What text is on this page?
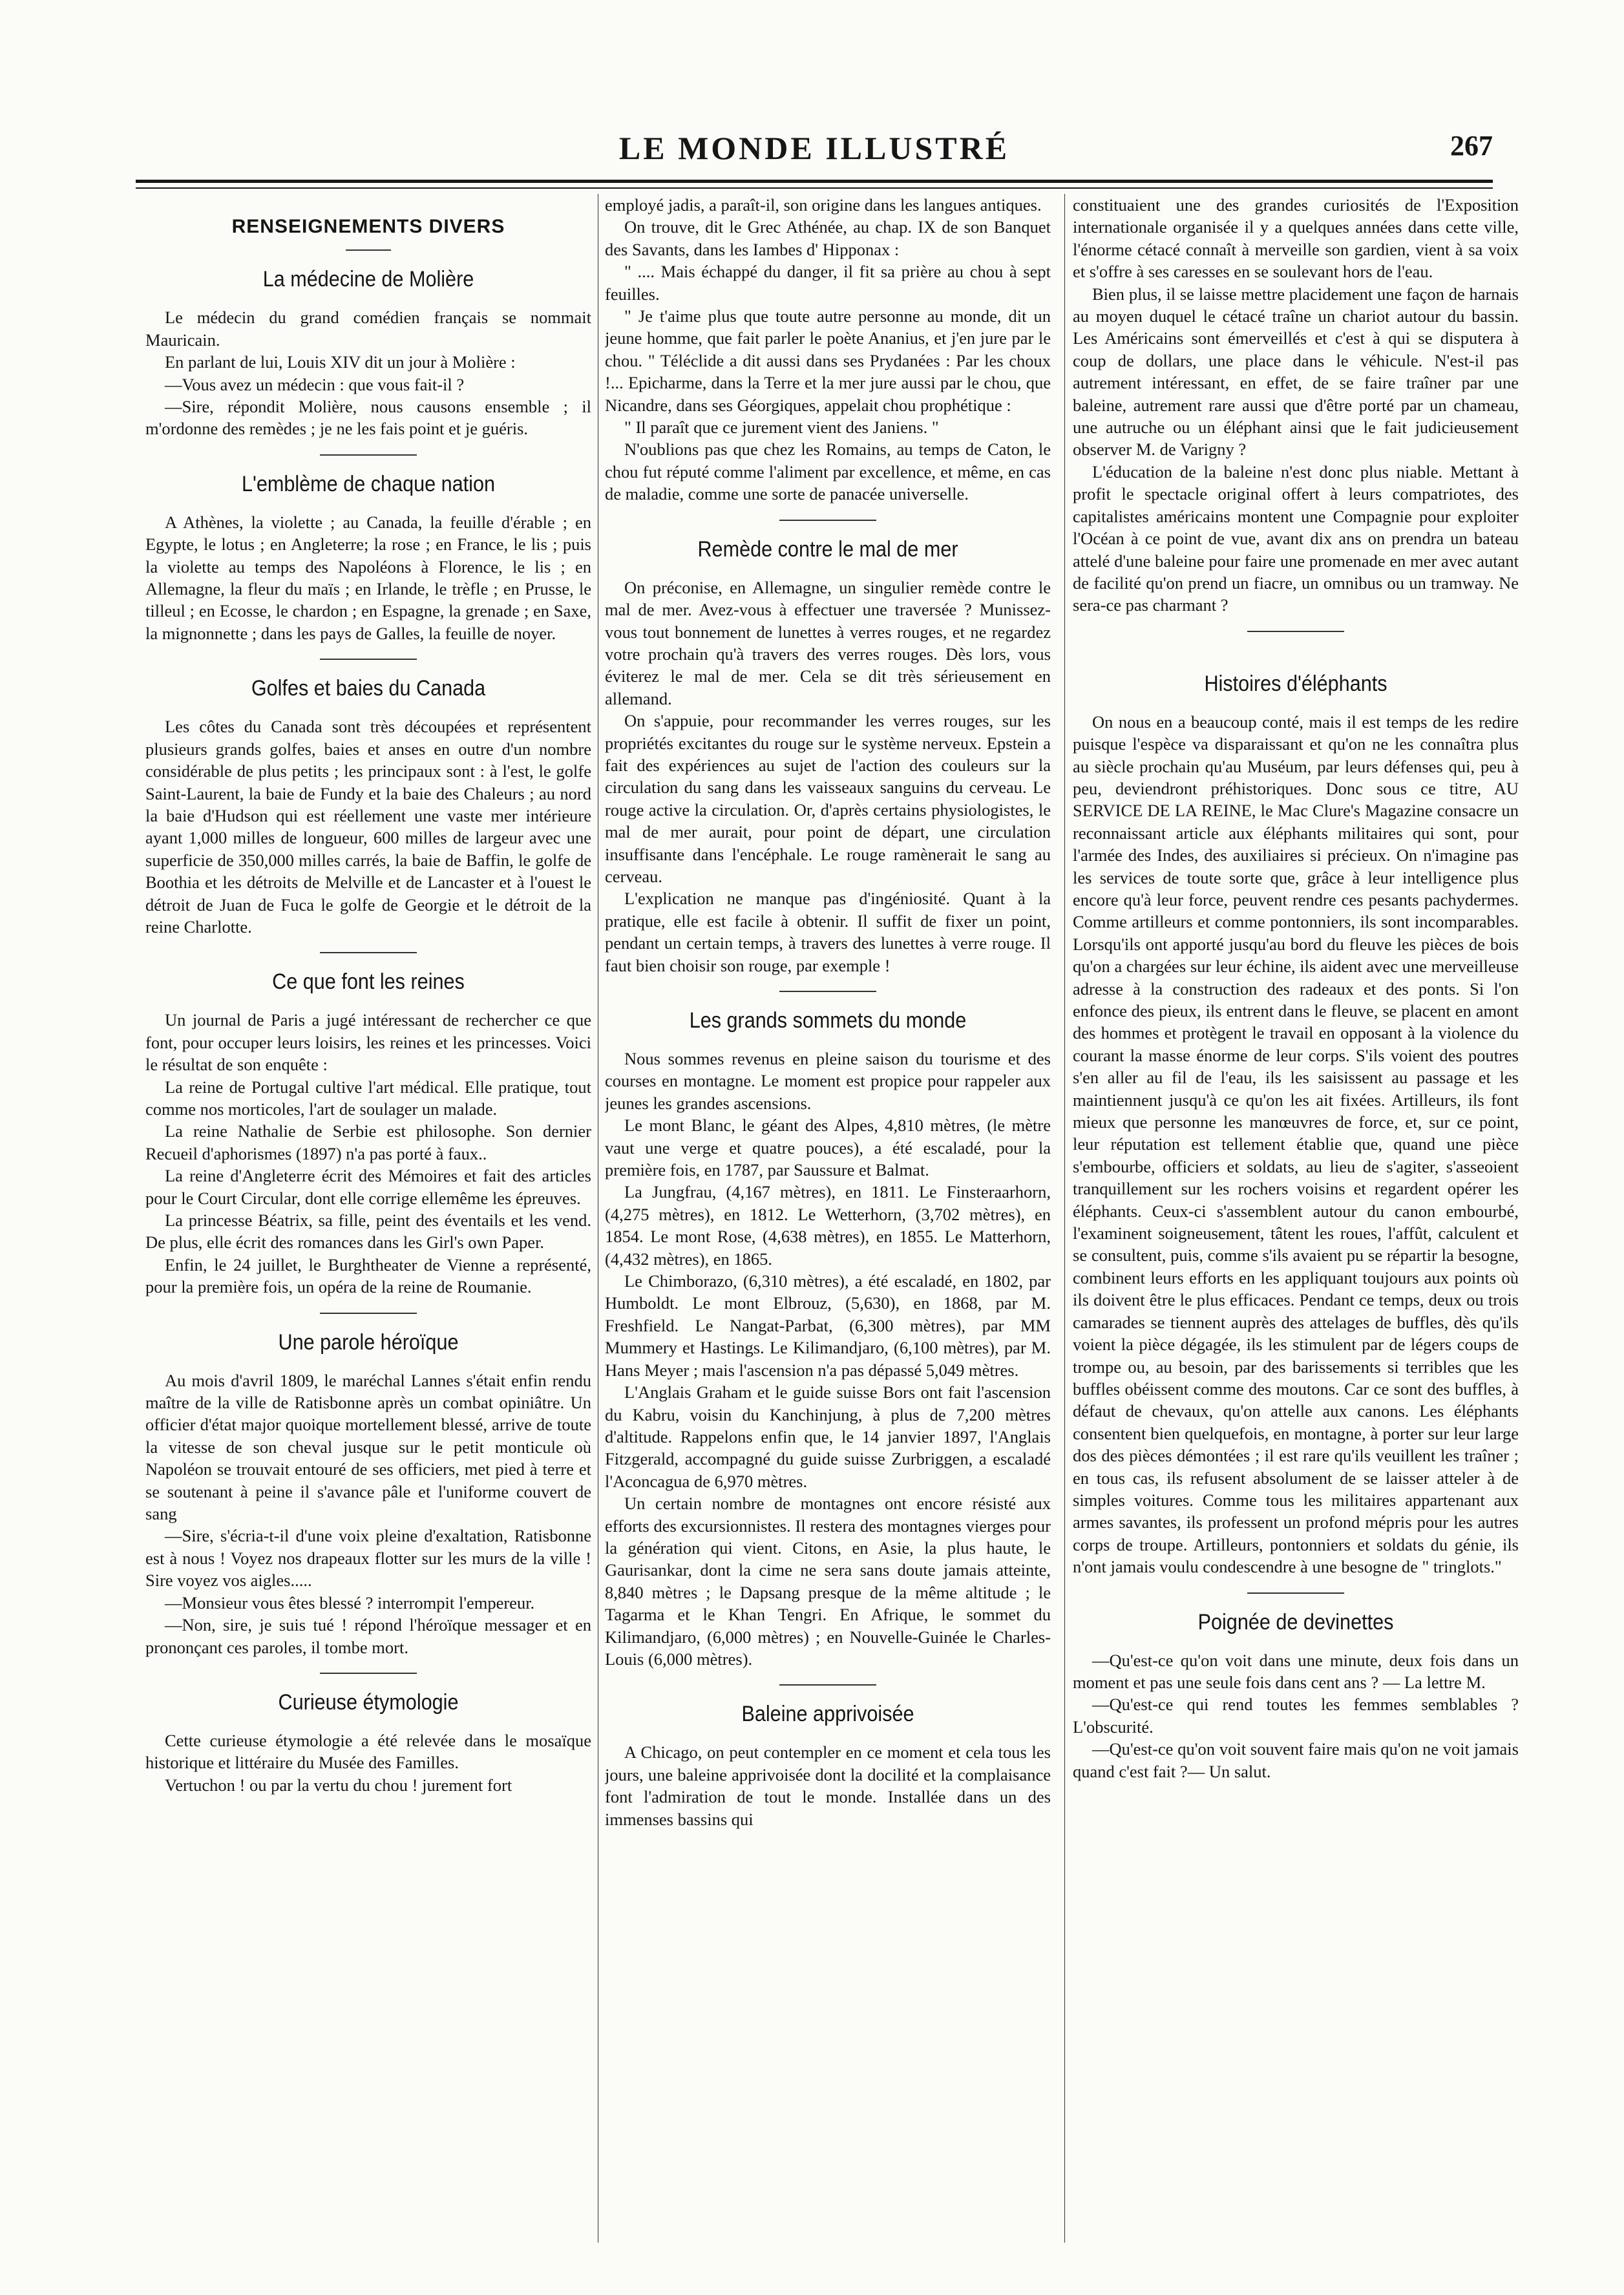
LE MONDE ILLUSTRÉ	267
RENSEIGNEMENTS DIVERS
La médecine de Molière

Le médecin du grand comédien français se nommait Mauricain.

En parlant de lui, Louis XIV dit un jour à Molière :

—Vous avez un médecin : que vous fait-il ?

—Sire, répondit Molière, nous causons ensemble ; il m'ordonne des remèdes ; je ne les fais point et je guéris.

L'emblème de chaque nation

A Athènes, la violette ; au Canada, la feuille d'érable ; en Egypte, le lotus ; en Angleterre; la rose ; en France, le lis ; puis la violette au temps des Napoléons à Florence, le lis ; en Allemagne, la fleur du maïs ; en Irlande, le trèfle ; en Prusse, le tilleul ; en Ecosse, le chardon ; en Espagne, la grenade ; en Saxe, la mignonnette ; dans les pays de Galles, la feuille de noyer.

Golfes et baies du Canada

Les côtes du Canada sont très découpées et représentent plusieurs grands golfes, baies et anses en outre d'un nombre considérable de plus petits ; les principaux sont : à l'est, le golfe Saint-Laurent, la baie de Fundy et la baie des Chaleurs ; au nord la baie d'Hudson qui est réellement une vaste mer intérieure ayant 1,000 milles de longueur, 600 milles de largeur avec une superficie de 350,000 milles carrés, la baie de Baffin, le golfe de Boothia et les détroits de Melville et de Lancaster et à l'ouest le détroit de Juan de Fuca le golfe de Georgie et le détroit de la reine Charlotte.

Ce que font les reines

Un journal de Paris a jugé intéressant de rechercher ce que font, pour occuper leurs loisirs, les reines et les princesses. Voici le résultat de son enquête :

La reine de Portugal cultive l'art médical. Elle pratique, tout comme nos morticoles, l'art de soulager un malade.

La reine Nathalie de Serbie est philosophe. Son dernier Recueil d'aphorismes (1897) n'a pas porté à faux..

La reine d'Angleterre écrit des Mémoires et fait des articles pour le Court Circular, dont elle corrige ellemême les épreuves.

La princesse Béatrix, sa fille, peint des éventails et les vend. De plus, elle écrit des romances dans les Girl's own Paper.

Enfin, le 24 juillet, le Burghtheater de Vienne a représenté, pour la première fois, un opéra de la reine de Roumanie.

Une parole héroïque

Au mois d'avril 1809, le maréchal Lannes s'était enfin rendu maître de la ville de Ratisbonne après un combat opiniâtre. Un officier d'état major quoique mortellement blessé, arrive de toute la vitesse de son cheval jusque sur le petit monticule où Napoléon se trouvait entouré de ses officiers, met pied à terre et se soutenant à peine il s'avance pâle et l'uniforme couvert de sang

—Sire, s'écria-t-il d'une voix pleine d'exaltation, Ratisbonne est à nous ! Voyez nos drapeaux flotter sur les murs de la ville ! Sire voyez vos aigles.....

—Monsieur vous êtes blessé ? interrompit l'empereur.

—Non, sire, je suis tué ! répond l'héroïque messager et en prononçant ces paroles, il tombe mort.

Curieuse étymologie

Cette curieuse étymologie a été relevée dans le mosaïque historique et littéraire du Musée des Familles.

Vertuchon ! ou par la vertu du chou ! jurement fort

employé jadis, a paraît-il, son origine dans les langues antiques.

On trouve, dit le Grec Athénée, au chap. IX de son Banquet des Savants, dans les Iambes d' Hipponax :

" .... Mais échappé du danger, il fit sa prière au chou à sept feuilles.

" Je t'aime plus que toute autre personne au monde, dit un jeune homme, que fait parler le poète Ananius, et j'en jure par le chou. " Téléclide a dit aussi dans ses Prydanées : Par les choux !... Epicharme, dans la Terre et la mer jure aussi par le chou, que Nicandre, dans ses Géorgiques, appelait chou prophétique :

" Il paraît que ce jurement vient des Janiens. "

N'oublions pas que chez les Romains, au temps de Caton, le chou fut réputé comme l'aliment par excellence, et même, en cas de maladie, comme une sorte de panacée universelle.

Remède contre le mal de mer

On préconise, en Allemagne, un singulier remède contre le mal de mer. Avez-vous à effectuer une traversée ? Munissez-vous tout bonnement de lunettes à verres rouges, et ne regardez votre prochain qu'à travers des verres rouges. Dès lors, vous éviterez le mal de mer. Cela se dit très sérieusement en allemand.

On s'appuie, pour recommander les verres rouges, sur les propriétés excitantes du rouge sur le système nerveux. Epstein a fait des expériences au sujet de l'action des couleurs sur la circulation du sang dans les vaisseaux sanguins du cerveau. Le rouge active la circulation. Or, d'après certains physiologistes, le mal de mer aurait, pour point de départ, une circulation insuffisante dans l'encéphale. Le rouge ramènerait le sang au cerveau.

L'explication ne manque pas d'ingéniosité. Quant à la pratique, elle est facile à obtenir. Il suffit de fixer un point, pendant un certain temps, à travers des lunettes à verre rouge. Il faut bien choisir son rouge, par exemple !

Les grands sommets du monde

Nous sommes revenus en pleine saison du tourisme et des courses en montagne. Le moment est propice pour rappeler aux jeunes les grandes ascensions.

Le mont Blanc, le géant des Alpes, 4,810 mètres, (le mètre vaut une verge et quatre pouces), a été escaladé, pour la première fois, en 1787, par Saussure et Balmat.

La Jungfrau, (4,167 mètres), en 1811. Le Finsteraarhorn, (4,275 mètres), en 1812. Le Wetterhorn, (3,702 mètres), en 1854. Le mont Rose, (4,638 mètres), en 1855. Le Matterhorn, (4,432 mètres), en 1865.

Le Chimborazo, (6,310 mètres), a été escaladé, en 1802, par Humboldt. Le mont Elbrouz, (5,630), en 1868, par M. Freshfield. Le Nangat-Parbat, (6,300 mètres), par MM Mummery et Hastings. Le Kilimandjaro, (6,100 mètres), par M. Hans Meyer ; mais l'ascension n'a pas dépassé 5,049 mètres.

L'Anglais Graham et le guide suisse Bors ont fait l'ascension du Kabru, voisin du Kanchinjung, à plus de 7,200 mètres d'altitude. Rappelons enfin que, le 14 janvier 1897, l'Anglais Fitzgerald, accompagné du guide suisse Zurbriggen, a escaladé l'Aconcagua de 6,970 mètres.

Un certain nombre de montagnes ont encore résisté aux efforts des excursionnistes. Il restera des montagnes vierges pour la génération qui vient. Citons, en Asie, la plus haute, le Gaurisankar, dont la cime ne sera sans doute jamais atteinte, 8,840 mètres ; le Dapsang presque de la même altitude ; le Tagarma et le Khan Tengri. En Afrique, le sommet du Kilimandjaro, (6,000 mètres) ; en Nouvelle-Guinée le Charles-Louis (6,000 mètres).

Baleine apprivoisée

A Chicago, on peut contempler en ce moment et cela tous les jours, une baleine apprivoisée dont la docilité et la complaisance font l'admiration de tout le monde. Installée dans un des immenses bassins qui

constituaient une des grandes curiosités de l'Exposition internationale organisée il y a quelques années dans cette ville, l'énorme cétacé connaît à merveille son gardien, vient à sa voix et s'offre à ses caresses en se soulevant hors de l'eau.

Bien plus, il se laisse mettre placidement une façon de harnais au moyen duquel le cétacé traîne un chariot autour du bassin. Les Américains sont émerveillés et c'est à qui se disputera à coup de dollars, une place dans le véhicule. N'est-il pas autrement intéressant, en effet, de se faire traîner par une baleine, autrement rare aussi que d'être porté par un chameau, une autruche ou un éléphant ainsi que le fait judicieusement observer M. de Varigny ?

L'éducation de la baleine n'est donc plus niable. Mettant à profit le spectacle original offert à leurs compatriotes, des capitalistes américains montent une Compagnie pour exploiter l'Océan à ce point de vue, avant dix ans on prendra un bateau attelé d'une baleine pour faire une promenade en mer avec autant de facilité qu'on prend un fiacre, un omnibus ou un tramway. Ne sera-ce pas charmant ?

Histoires d'éléphants

On nous en a beaucoup conté, mais il est temps de les redire puisque l'espèce va disparaissant et qu'on ne les connaîtra plus au siècle prochain qu'au Muséum, par leurs défenses qui, peu à peu, deviendront préhistoriques. Donc sous ce titre, AU SERVICE DE LA REINE, le Mac Clure's Magazine consacre un reconnaissant article aux éléphants militaires qui sont, pour l'armée des Indes, des auxiliaires si précieux. On n'imagine pas les services de toute sorte que, grâce à leur intelligence plus encore qu'à leur force, peuvent rendre ces pesants pachydermes. Comme artilleurs et comme pontonniers, ils sont incomparables. Lorsqu'ils ont apporté jusqu'au bord du fleuve les pièces de bois qu'on a chargées sur leur échine, ils aident avec une merveilleuse adresse à la construction des radeaux et des ponts. Si l'on enfonce des pieux, ils entrent dans le fleuve, se placent en amont des hommes et protègent le travail en opposant à la violence du courant la masse énorme de leur corps. S'ils voient des poutres s'en aller au fil de l'eau, ils les saisissent au passage et les maintiennent jusqu'à ce qu'on les ait fixées. Artilleurs, ils font mieux que personne les manœuvres de force, et, sur ce point, leur réputation est tellement établie que, quand une pièce s'embourbe, officiers et soldats, au lieu de s'agiter, s'asseoient tranquillement sur les rochers voisins et regardent opérer les éléphants. Ceux-ci s'assemblent autour du canon embourbé, l'examinent soigneusement, tâtent les roues, l'affût, calculent et se consultent, puis, comme s'ils avaient pu se répartir la besogne, combinent leurs efforts en les appliquant toujours aux points où ils doivent être le plus efficaces. Pendant ce temps, deux ou trois camarades se tiennent auprès des attelages de buffles, dès qu'ils voient la pièce dégagée, ils les stimulent par de légers coups de trompe ou, au besoin, par des barissements si terribles que les buffles obéissent comme des moutons. Car ce sont des buffles, à défaut de chevaux, qu'on attelle aux canons. Les éléphants consentent bien quelquefois, en montagne, à porter sur leur large dos des pièces démontées ; il est rare qu'ils veuillent les traîner ; en tous cas, ils refusent absolument de se laisser atteler à de simples voitures. Comme tous les militaires appartenant aux armes savantes, ils professent un profond mépris pour les autres corps de troupe. Artilleurs, pontonniers et soldats du génie, ils n'ont jamais voulu condescendre à une besogne de " tringlots."

Poignée de devinettes

—Qu'est-ce qu'on voit dans une minute, deux fois dans un moment et pas une seule fois dans cent ans ? — La lettre M.

—Qu'est-ce qui rend toutes les femmes semblables ? L'obscurité.

—Qu'est-ce qu'on voit souvent faire mais qu'on ne voit jamais quand c'est fait ?— Un salut.
